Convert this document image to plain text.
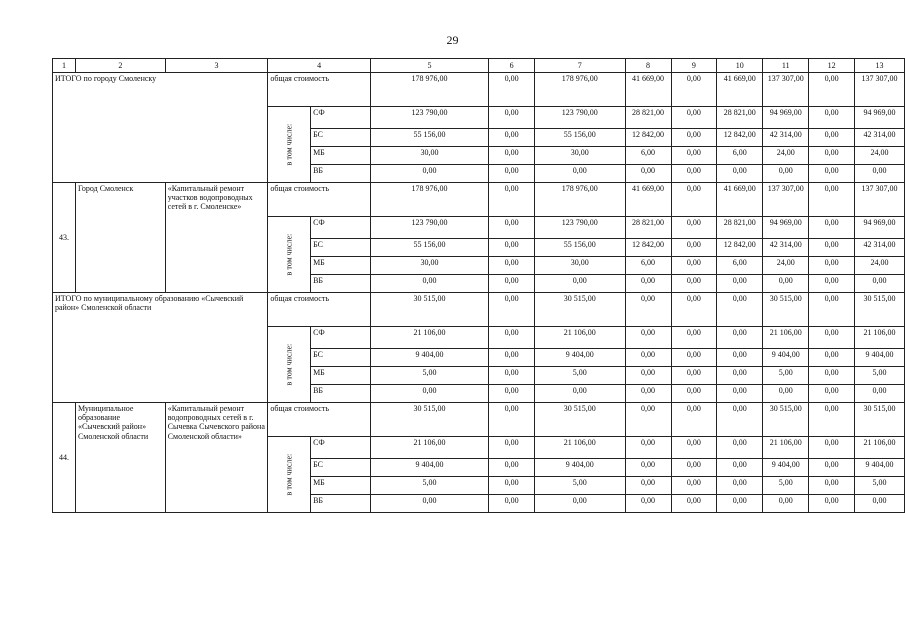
29
1	2	3	4		5	6	7	8	9	10	11	12	13
ИТОГО по городу Смоленску			общая стоимость		178 976,00	0,00	178 976,00	41 669,00	0,00	41 669,00	137 307,00	0,00	137 307,00
			в том числе:	СФ	123 790,00	0,00	123 790,00	28 821,00	0,00	28 821,00	94 969,00	0,00	94 969,00
				БС	55 156,00	0,00	55 156,00	12 842,00	0,00	12 842,00	42 314,00	0,00	42 314,00
				МБ	30,00	0,00	30,00	6,00	0,00	6,00	24,00	0,00	24,00
				ВБ	0,00	0,00	0,00	0,00	0,00	0,00	0,00	0,00	0,00
43.	Город Смоленск	«Капитальный ремонт участков водопроводных сетей в г. Смоленске»	общая стоимость		178 976,00	0,00	178 976,00	41 669,00	0,00	41 669,00	137 307,00	0,00	137 307,00
			в том числе:	СФ	123 790,00	0,00	123 790,00	28 821,00	0,00	28 821,00	94 969,00	0,00	94 969,00
				БС	55 156,00	0,00	55 156,00	12 842,00	0,00	12 842,00	42 314,00	0,00	42 314,00
				МБ	30,00	0,00	30,00	6,00	0,00	6,00	24,00	0,00	24,00
				ВБ	0,00	0,00	0,00	0,00	0,00	0,00	0,00	0,00	0,00
ИТОГО по муниципальному образованию «Сычевский район» Смоленской области			общая стоимость		30 515,00	0,00	30 515,00	0,00	0,00	0,00	30 515,00	0,00	30 515,00
			в том числе:	СФ	21 106,00	0,00	21 106,00	0,00	0,00	0,00	21 106,00	0,00	21 106,00
				БС	9 404,00	0,00	9 404,00	0,00	0,00	0,00	9 404,00	0,00	9 404,00
				МБ	5,00	0,00	5,00	0,00	0,00	0,00	5,00	0,00	5,00
				ВБ	0,00	0,00	0,00	0,00	0,00	0,00	0,00	0,00	0,00
44.	Муниципальное образование «Сычевский район» Смоленской области	«Капитальный ремонт водопроводных сетей в г. Сычевка Сычевского района Смоленской области»	общая стоимость		30 515,00	0,00	30 515,00	0,00	0,00	0,00	30 515,00	0,00	30 515,00
			в том числе:	СФ	21 106,00	0,00	21 106,00	0,00	0,00	0,00	21 106,00	0,00	21 106,00
				БС	9 404,00	0,00	9 404,00	0,00	0,00	0,00	9 404,00	0,00	9 404,00
				МБ	5,00	0,00	5,00	0,00	0,00	0,00	5,00	0,00	5,00
				ВБ	0,00	0,00	0,00	0,00	0,00	0,00	0,00	0,00	0,00
